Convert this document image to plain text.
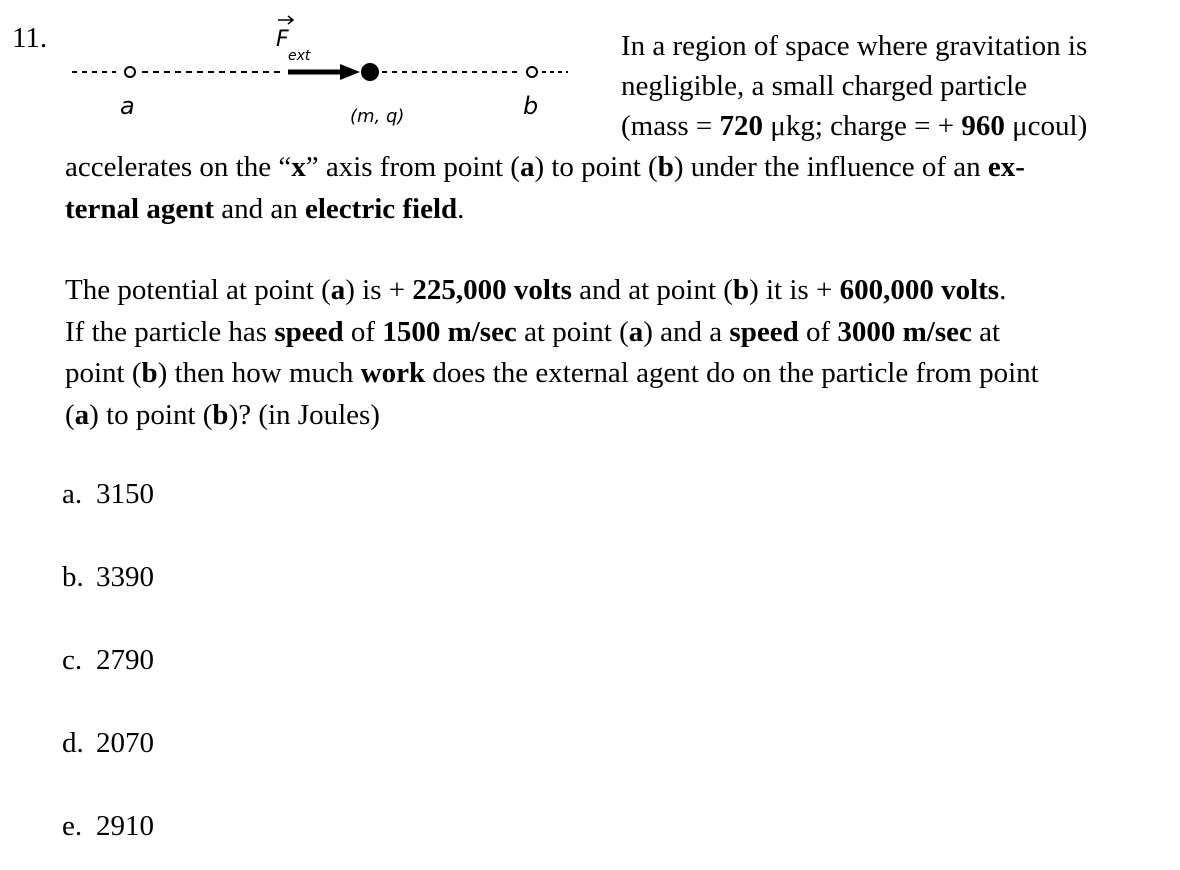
11.	F
ext
a	(m, q)	b
In a region of space where gravitation is
negligible, a small charged particle
(mass = 720 μkg; charge = + 960 μcoul)
accelerates on the “x” axis from point (a) to point (b) under the influence of an ex-
ternal agent and an electric field.
The potential at point (a) is + 225,000 volts and at point (b) it is + 600,000 volts.
If the particle has speed of 1500 m/sec at point (a) and a speed of 3000 m/sec at
point (b) then how much work does the external agent do on the particle from point
(a) to point (b)? (in Joules)
a. 3150
b. 3390
c. 2790
d. 2070
e. 2910
